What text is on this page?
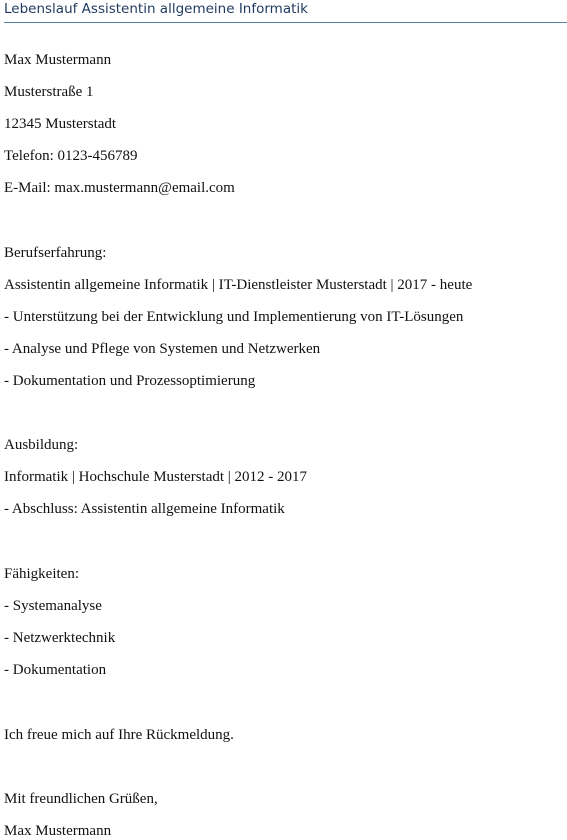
Lebenslauf Assistentin allgemeine Informatik
Max Mustermann
Musterstraße 1
12345 Musterstadt
Telefon: 0123-456789
E-Mail: max.mustermann@email.com
Berufserfahrung:
Assistentin allgemeine Informatik | IT-Dienstleister Musterstadt | 2017 - heute
- Unterstützung bei der Entwicklung und Implementierung von IT-Lösungen
- Analyse und Pflege von Systemen und Netzwerken
- Dokumentation und Prozessoptimierung
Ausbildung:
Informatik | Hochschule Musterstadt | 2012 - 2017
- Abschluss: Assistentin allgemeine Informatik
Fähigkeiten:
- Systemanalyse
- Netzwerktechnik
- Dokumentation
Ich freue mich auf Ihre Rückmeldung.
Mit freundlichen Grüßen,
Max Mustermann
